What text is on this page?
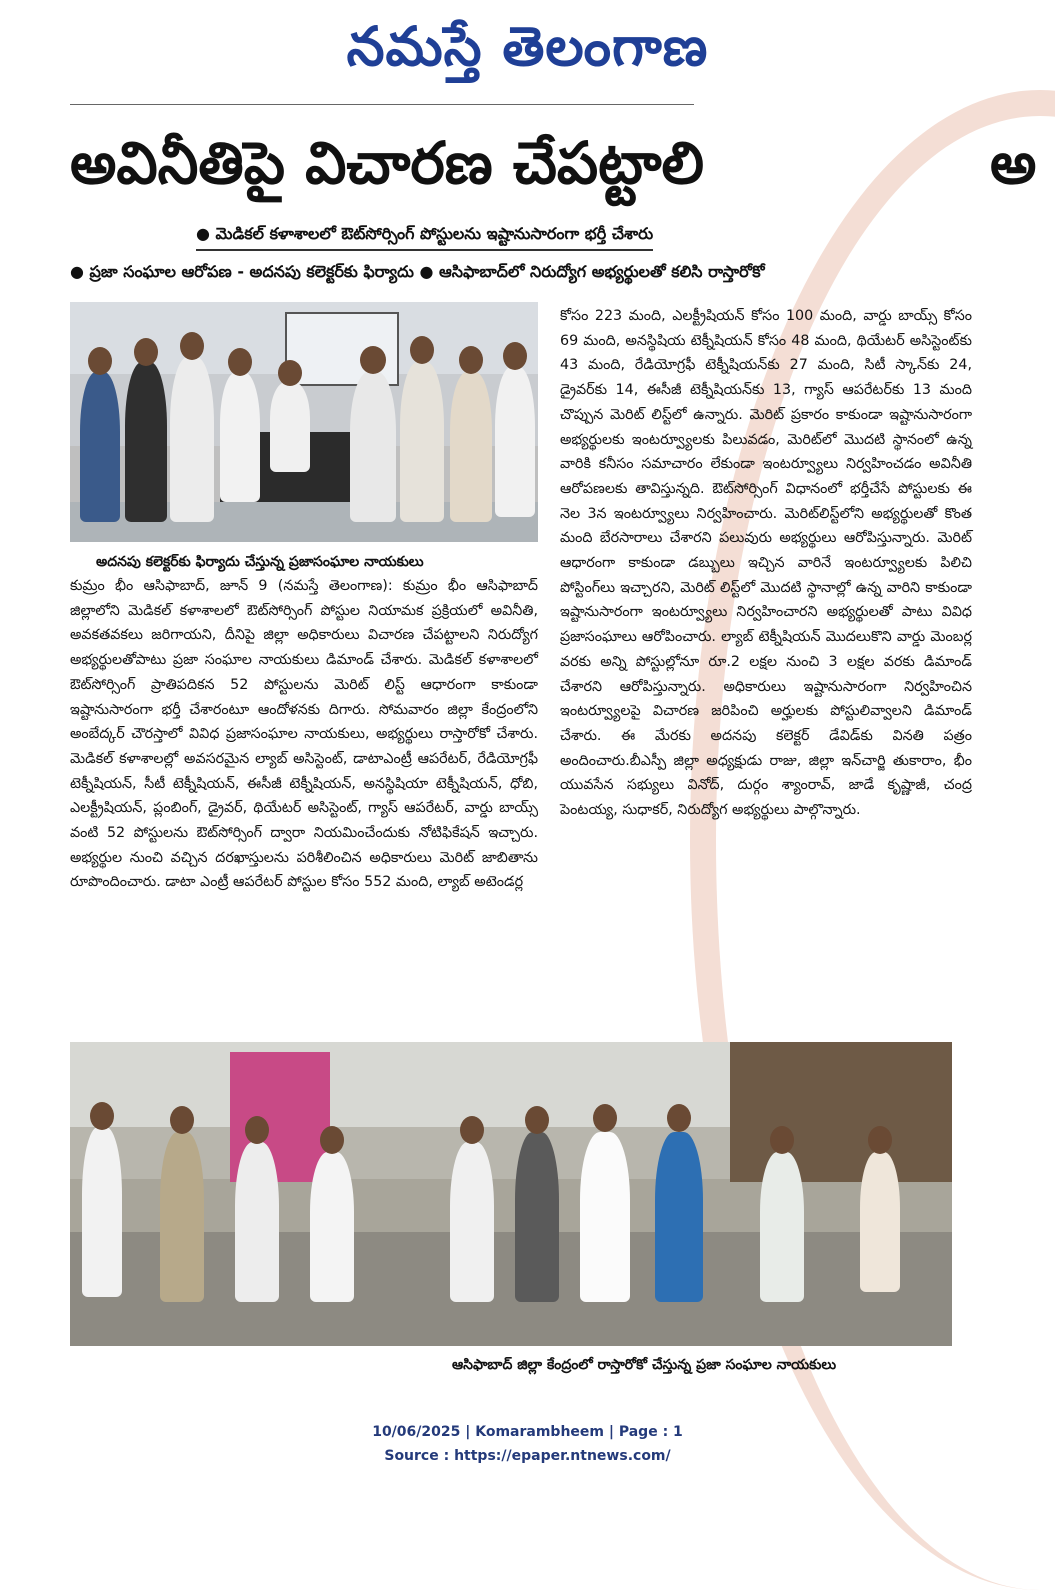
నమస్తే తెలంగాణ
అవినీతిపై విచారణ చేపట్టాలి	అ
● మెడికల్‌ కళాశాలలో ఔట్‌సోర్సింగ్‌ పోస్టులను ఇష్టానుసారంగా భర్తీ చేశారు
● ప్రజా సంఘాల ఆరోపణ - అదనపు కలెక్టర్‌కు ఫిర్యాదు ● ఆసిఫాబాద్‌లో నిరుద్యోగ అభ్యర్థులతో కలిసి రాస్తారోకో
అదనపు కలెక్టర్‌కు ఫిర్యాదు చేస్తున్న ప్రజాసంఘాల నాయకులు

కుమ్రం భీం ఆసిఫాబాద్‌, జూన్‌ 9 (నమస్తే తెలంగాణ): కుమ్రం భీం ఆసిఫాబాద్‌ జిల్లాలోని మెడికల్‌ కళాశాలలో ఔట్‌సోర్సింగ్‌ పోస్టుల నియామక ప్రక్రియలో అవినీతి, అవకతవకలు జరిగాయని, దీనిపై జిల్లా అధికారులు విచారణ చేపట్టాలని నిరుద్యోగ అభ్యర్థులతోపాటు ప్రజా సంఘాల నాయకులు డిమాండ్‌ చేశారు. మెడికల్‌ కళాశాలలో ఔట్‌సోర్సింగ్‌ ప్రాతిపదికన 52 పోస్టులను మెరిట్‌ లిస్ట్‌ ఆధారంగా కాకుండా ఇష్టానుసారంగా భర్తీ చేశారంటూ ఆందోళనకు దిగారు. సోమవారం జిల్లా కేంద్రంలోని అంబేద్కర్‌ చౌరస్తాలో వివిధ ప్రజాసంఘాల నాయకులు, అభ్యర్థులు రాస్తారోకో చేశారు. మెడికల్‌ కళాశాలల్లో అవసరమైన ల్యాబ్‌ అసిస్టెంట్‌, డాటాఎంట్రీ ఆపరేటర్‌, రేడియోగ్రఫీ టెక్నీషియన్‌, సీటీ టెక్నీషియన్‌, ఈసీజీ టెక్నీషియన్‌, అనస్థిషియా టెక్నీషియన్‌, ధోబి, ఎలక్ట్రీషియన్‌, ప్లంబింగ్‌, డ్రైవర్‌, థియేటర్‌ అసిస్టెంట్‌, గ్యాస్‌ ఆపరేటర్‌, వార్డు బాయ్స్‌ వంటి 52 పోస్టులను ఔట్‌సోర్సింగ్‌ ద్వారా నియమించేందుకు నోటిఫికేషన్‌ ఇచ్చారు. అభ్యర్థుల నుంచి వచ్చిన దరఖాస్తులను పరిశీలించిన అధికారులు మెరిట్‌ జాబితాను రూపొందించారు. డాటా ఎంట్రీ ఆపరేటర్‌ పోస్టుల కోసం 552 మంది, ల్యాబ్‌ అటెండర్ల

కోసం 223 మంది, ఎలక్ట్రీషియన్‌ కోసం 100 మంది, వార్డు బాయ్స్‌ కోసం 69 మంది, అనస్థిషియ టెక్నీషియన్‌ కోసం 48 మంది, థియేటర్‌ అసిస్టెంట్‌కు 43 మంది, రేడియోగ్రఫీ టెక్నీషియన్‌కు 27 మంది, సిటీ స్కాన్‌కు 24, డ్రైవర్‌కు 14, ఈసీజీ టెక్నీషియన్‌కు 13, గ్యాస్‌ ఆపరేటర్‌కు 13 మంది చొప్పున మెరిట్‌ లిస్ట్‌లో ఉన్నారు. మెరిట్‌ ప్రకారం కాకుండా ఇష్టానుసారంగా అభ్యర్థులకు ఇంటర్వ్యూలకు పిలువడం, మెరిట్‌లో మొదటి స్థానంలో ఉన్న వారికి కనీసం సమాచారం లేకుండా ఇంటర్వ్యూలు నిర్వహించడం అవినీతి ఆరోపణలకు తావిస్తున్నది. ఔట్‌సోర్సింగ్‌ విధానంలో భర్తీచేసే పోస్టులకు ఈ నెల 3న ఇంటర్వ్యూలు నిర్వహించారు. మెరిట్‌లిస్ట్‌లోని అభ్యర్థులతో కొంత మంది బేరసారాలు చేశారని పలువురు అభ్యర్థులు ఆరోపిస్తున్నారు. మెరిట్‌ ఆధారంగా కాకుండా డబ్బులు ఇచ్చిన వారినే ఇంటర్వ్యూలకు పిలిచి పోస్టింగ్‌లు ఇచ్చారని, మెరిట్‌ లిస్ట్‌లో మొదటి స్థానాల్లో ఉన్న వారిని కాకుండా ఇష్టానుసారంగా ఇంటర్వ్యూలు నిర్వహించారని అభ్యర్థులతో పాటు వివిధ ప్రజాసంఘాలు ఆరోపించారు. ల్యాబ్‌ టెక్నీషియన్‌ మొదలుకొని వార్డు మెంబర్ల వరకు అన్ని పోస్టుల్లోనూ రూ.2 లక్షల నుంచి 3 లక్షల వరకు డిమాండ్‌ చేశారని ఆరోపిస్తున్నారు. అధికారులు ఇష్టానుసారంగా నిర్వహించిన ఇంటర్వ్యూలపై విచారణ జరిపించి అర్హులకు పోస్టులివ్వాలని డిమాండ్‌ చేశారు. ఈ మేరకు అదనపు కలెక్టర్‌ డేవిడ్‌కు వినతి పత్రం అందించారు.బీఎస్పీ జిల్లా అధ్యక్షుడు రాజు, జిల్లా ఇన్‌చార్జి తుకారాం, భీం యువసేన సభ్యులు వినోద్‌, దుర్గం శ్యాంరావ్‌, జాడే కృష్ణాజీ, చంద్ర పెంటయ్య, సుధాకర్‌, నిరుద్యోగ అభ్యర్థులు పాల్గొన్నారు.

ఆసిఫాబాద్‌ జిల్లా కేంద్రంలో రాస్తారోకో చేస్తున్న ప్రజా సంఘాల నాయకులు
10/06/2025 | Komarambheem | Page : 1
Source : https://epaper.ntnews.com/
